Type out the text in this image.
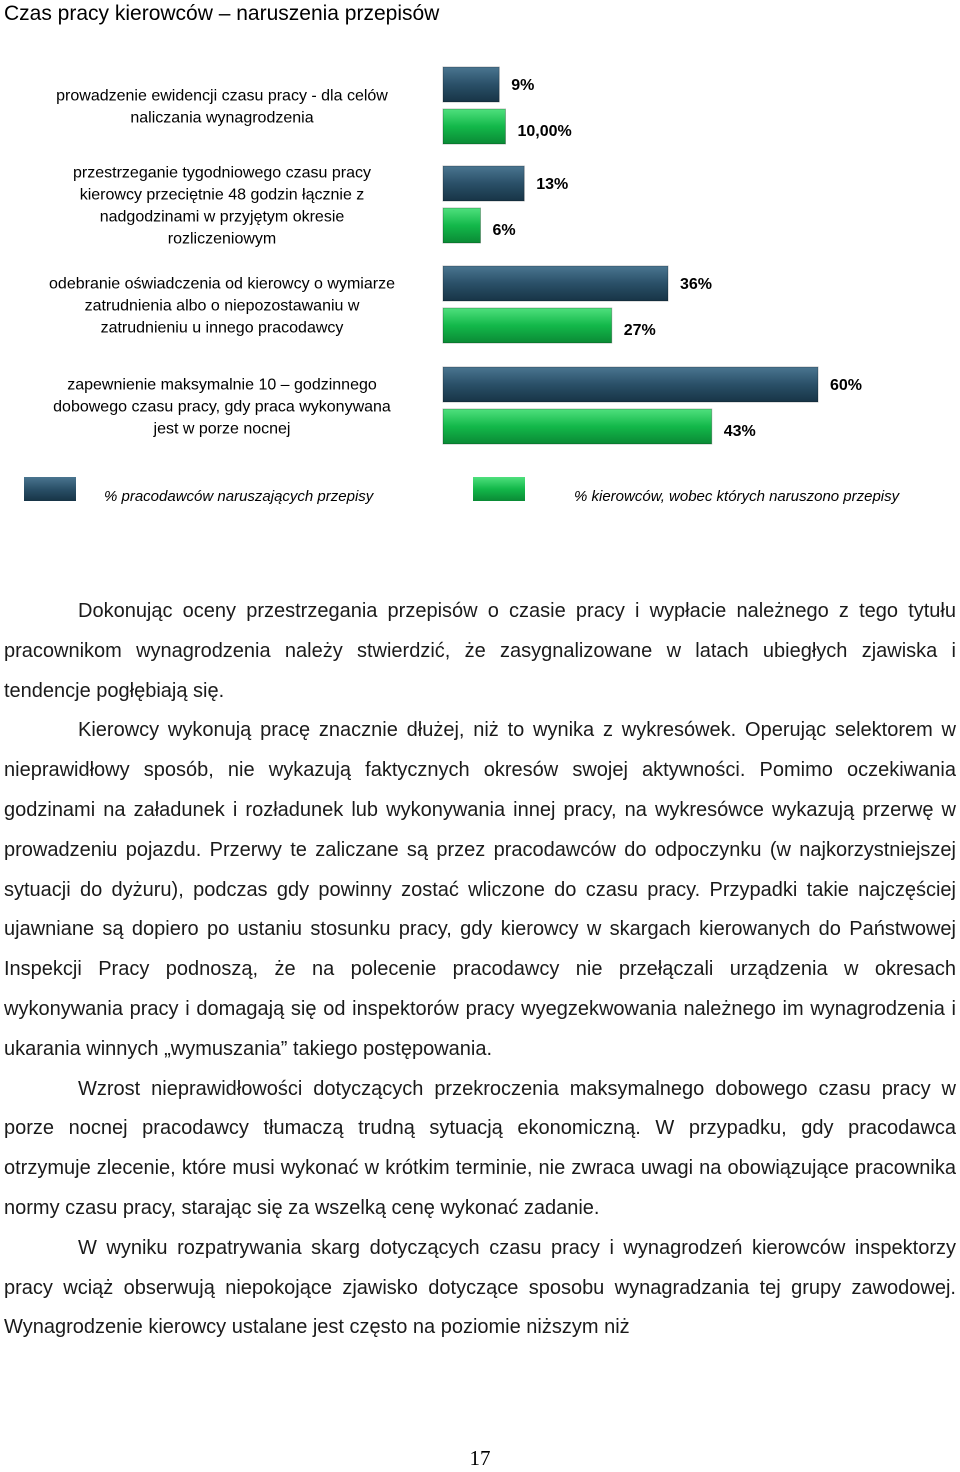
Czas pracy kierowców – naruszenia przepisów
prowadzenie ewidencji czasu pracy - dla celów naliczania wynagrodzenia
9%
10,00%
przestrzeganie tygodniowego czasu pracy kierowcy przeciętnie 48 godzin łącznie z nadgodzinami w przyjętym okresie rozliczeniowym
13%
6%
odebranie oświadczenia od kierowcy o wymiarze zatrudnienia albo o niepozostawaniu w zatrudnieniu u innego pracodawcy
36%
27%
zapewnienie maksymalnie 10 – godzinnego dobowego czasu pracy, gdy praca wykonywana jest w porze nocnej
60%
43%
% pracodawców naruszających przepisy	% kierowców, wobec których naruszono przepisy

Dokonując oceny przestrzegania przepisów o czasie pracy i wypłacie należnego z tego tytułu pracownikom wynagrodzenia należy stwierdzić, że zasygnalizowane w latach ubiegłych zjawiska i tendencje pogłębiają się.

Kierowcy wykonują pracę znacznie dłużej, niż to wynika z wykresówek. Operując selektorem w nieprawidłowy sposób, nie wykazują faktycznych okresów swojej aktywności. Pomimo oczekiwania godzinami na załadunek i rozładunek lub wykonywania innej pracy, na wykresówce wykazują przerwę w prowadzeniu pojazdu. Przerwy te zaliczane są przez pracodawców do odpoczynku (w najkorzystniejszej sytuacji do dyżuru), podczas gdy powinny zostać wliczone do czasu pracy. Przypadki takie najczęściej ujawniane są dopiero po ustaniu stosunku pracy, gdy kierowcy w skargach kierowanych do Państwowej Inspekcji Pracy podnoszą, że na polecenie pracodawcy nie przełączali urządzenia w okresach wykonywania pracy i domagają się od inspektorów pracy wyegzekwowania należnego im wynagrodzenia i ukarania winnych „wymuszania” takiego postępowania.

Wzrost nieprawidłowości dotyczących przekroczenia maksymalnego dobowego czasu pracy w porze nocnej pracodawcy tłumaczą trudną sytuacją ekonomiczną. W przypadku, gdy pracodawca otrzymuje zlecenie, które musi wykonać w krótkim terminie, nie zwraca uwagi na obowiązujące pracownika normy czasu pracy, starając się za wszelką cenę wykonać zadanie.

W wyniku rozpatrywania skarg dotyczących czasu pracy i wynagrodzeń kierowców inspektorzy pracy wciąż obserwują niepokojące zjawisko dotyczące sposobu wynagradzania tej grupy zawodowej. Wynagrodzenie kierowcy ustalane jest często na poziomie niższym niż

17
